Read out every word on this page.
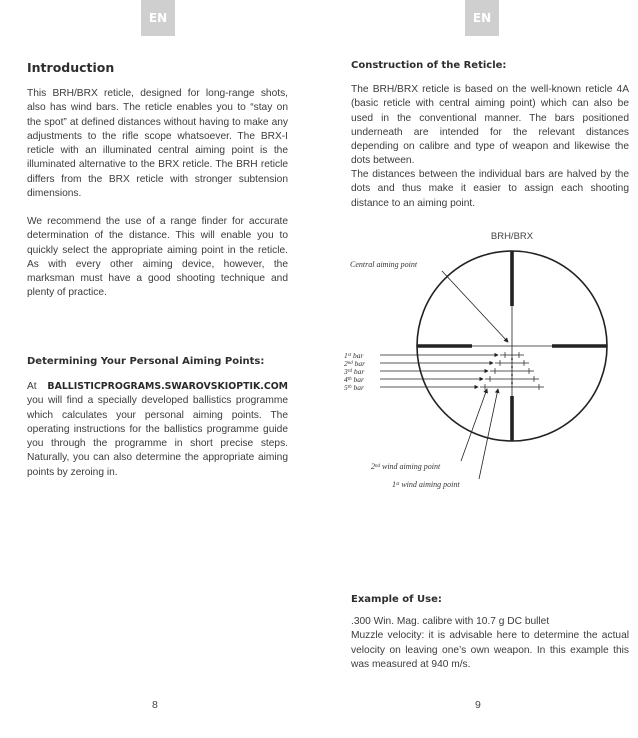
EN
Introduction

This BRH/BRX reticle, designed for long-range shots, also has wind bars. The reticle enables you to “stay on the spot” at defined distances without having to make any adjustments to the rifle scope whatsoever. The BRX-I reticle with an illuminated central aiming point is the illuminated alternative to the BRX reticle. The BRH reticle differs from the BRX reticle with stronger subtension dimensions.

We recommend the use of a range finder for accurate determination of the distance. This will enable you to quickly select the appropriate aiming point in the reticle. As with every other aiming device, however, the marksman must have a good shooting technique and plenty of practice.

Determining Your Personal Aiming Points:

At BALLISTICPROGRAMS.SWAROVSKIOPTIK.COM you will find a specially developed ballistics programme which calculates your personal aiming points. The operating instructions for the ballistics programme guide you through the programme in short precise steps. Naturally, you can also determine the appropriate aiming points by zeroing in.

8
EN
Construction of the Reticle:

The BRH/BRX reticle is based on the well-known reticle 4A (basic reticle with central aiming point) which can also be used in the conventional manner. The bars positioned underneath are intended for the relevant distances depending on calibre and type of weapon and likewise the dots between.

The distances between the individual bars are halved by the dots and thus make it easier to assign each shooting distance to an aiming point.

Example of Use:

.300 Win. Mag. calibre with 10.7 g DC bullet
Muzzle velocity: it is advisable here to determine the actual velocity on leaving one’s own weapon. In this example this was measured at 940 m/s.

9
BRH/BRX
1st bar
2nd bar
3rd bar
4th bar
5th bar
Central aiming point
2nd wind aiming point
1st wind aiming point
